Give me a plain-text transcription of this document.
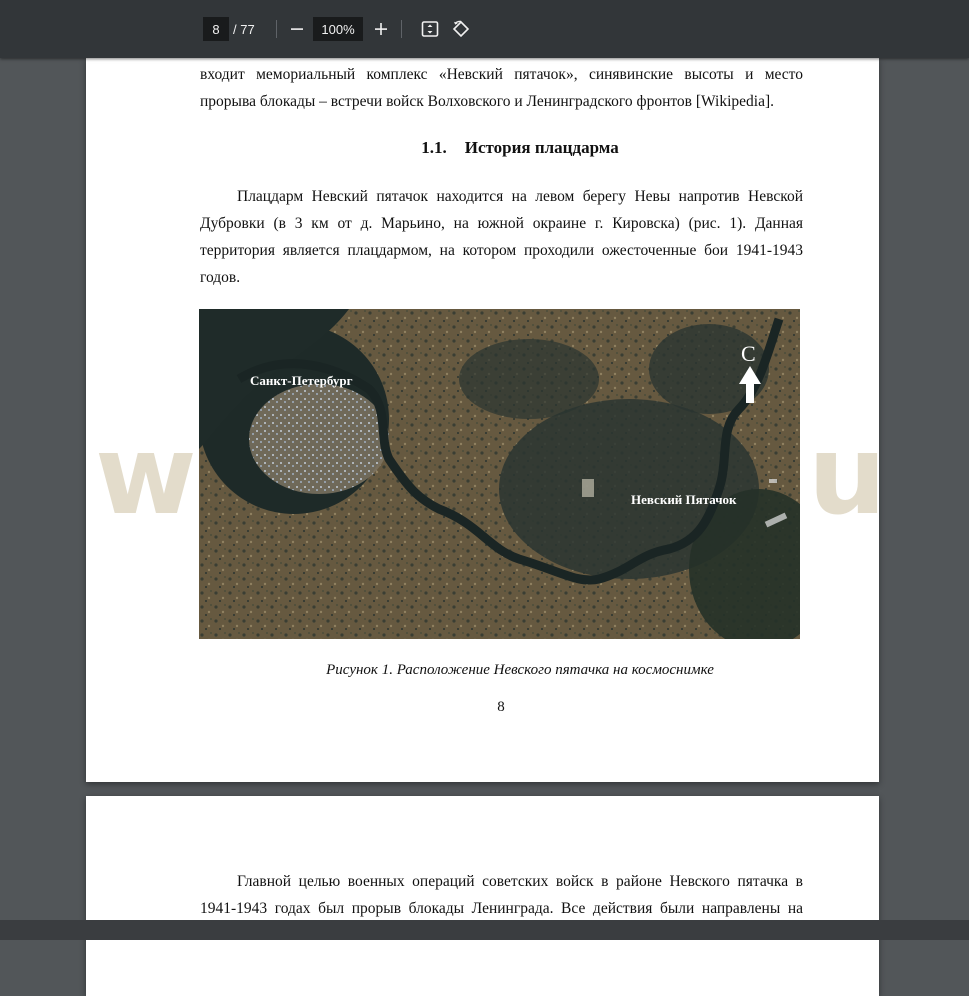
8
/ 77
100%
входит мемориальный комплекс «Невский пятачок», синявинские высоты и место
прорыва блокады – встречи войск Волховского и Ленинградского фронтов [Wikipedia].
1.1. История плацдарма
Плацдарм Невский пятачок находится на левом берегу Невы напротив Невской
Дубровки (в 3 км от д. Марьино, на южной окраине г. Кировска) (рис. 1). Данная
территория является плацдармом, на котором проходили ожесточенные бои 1941-1943
годов.
Санкт-Петербург
Невский Пятачок
С
Рисунок 1. Расположение Невского пятачка на космоснимке
8
Главной целью военных операций советских войск в районе Невского пятачка в
1941-1943 годах был прорыв блокады Ленинграда. Все действия были направлены на
w	u
